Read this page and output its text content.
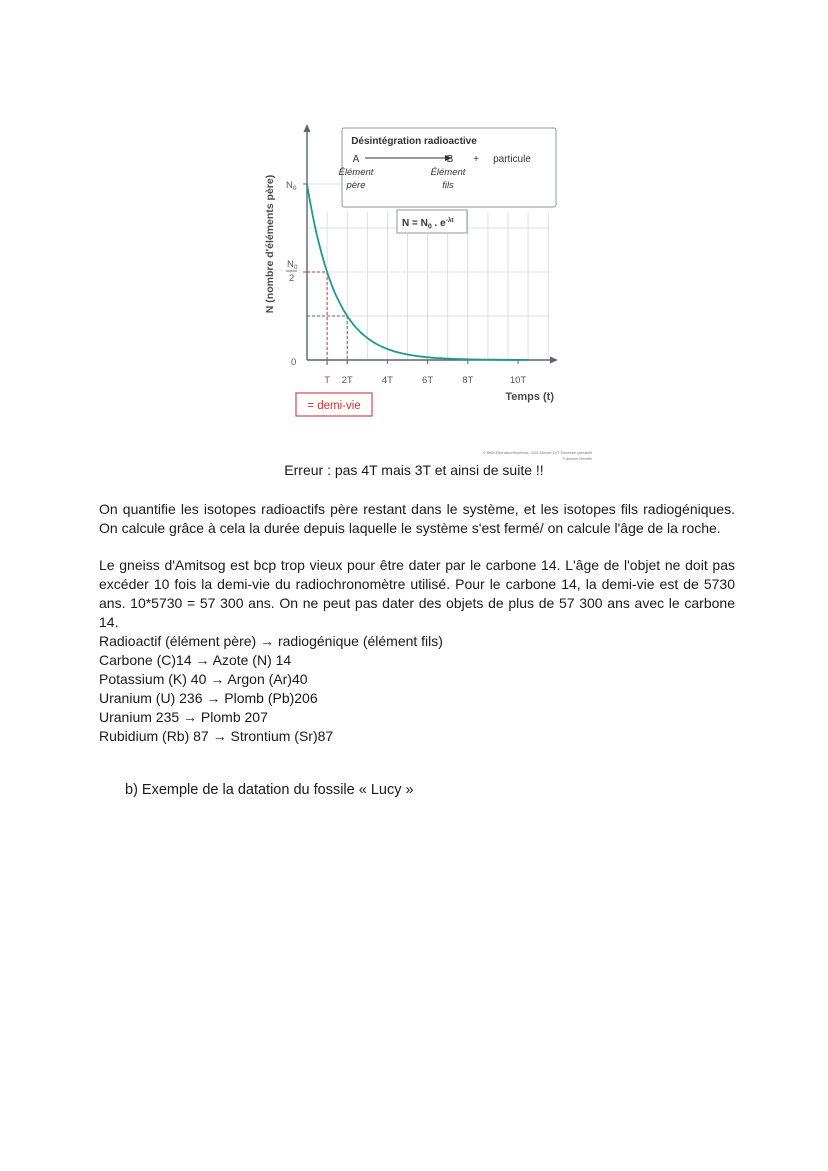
Désintégration radioactive
A	B + particule
Élément
père
Élément
fils
$N = N_0$ . $e^{-\lambda t}$
$N_0$
$N_0$
2
0
N (nombre d'éléments père)
T 2T	4T	6T	8T	10T
Temps (t)
= demi-vie
© Belin Éducation/Humensis, 2020 Manuel SVT Terminale spécialité
© Antoine Pemelle
Erreur : pas 4T mais 3T et ainsi de suite !!
On quantifie les isotopes radioactifs père restant dans le système, et les isotopes fils radiogéniques. On calcule grâce à cela la durée depuis laquelle le système s'est fermé/ on calcule l'âge de la roche.
Le gneiss d'Amitsog est bcp trop vieux pour être dater par le carbone 14. L'âge de l'objet ne doit pas excéder 10 fois la demi-vie du radiochronomètre utilisé. Pour le carbone 14, la demi-vie est de 5730 ans. 10*5730 = 57 300 ans. On ne peut pas dater des objets de plus de 57 300 ans avec le carbone 14.
Radioactif (élément père) → radiogénique (élément fils)
Carbone (C)14 → Azote (N) 14
Potassium (K) 40 → Argon (Ar)40
Uranium (U) 236 → Plomb (Pb)206
Uranium 235 → Plomb 207
Rubidium (Rb) 87 → Strontium (Sr)87
b) Exemple de la datation du fossile « Lucy »
